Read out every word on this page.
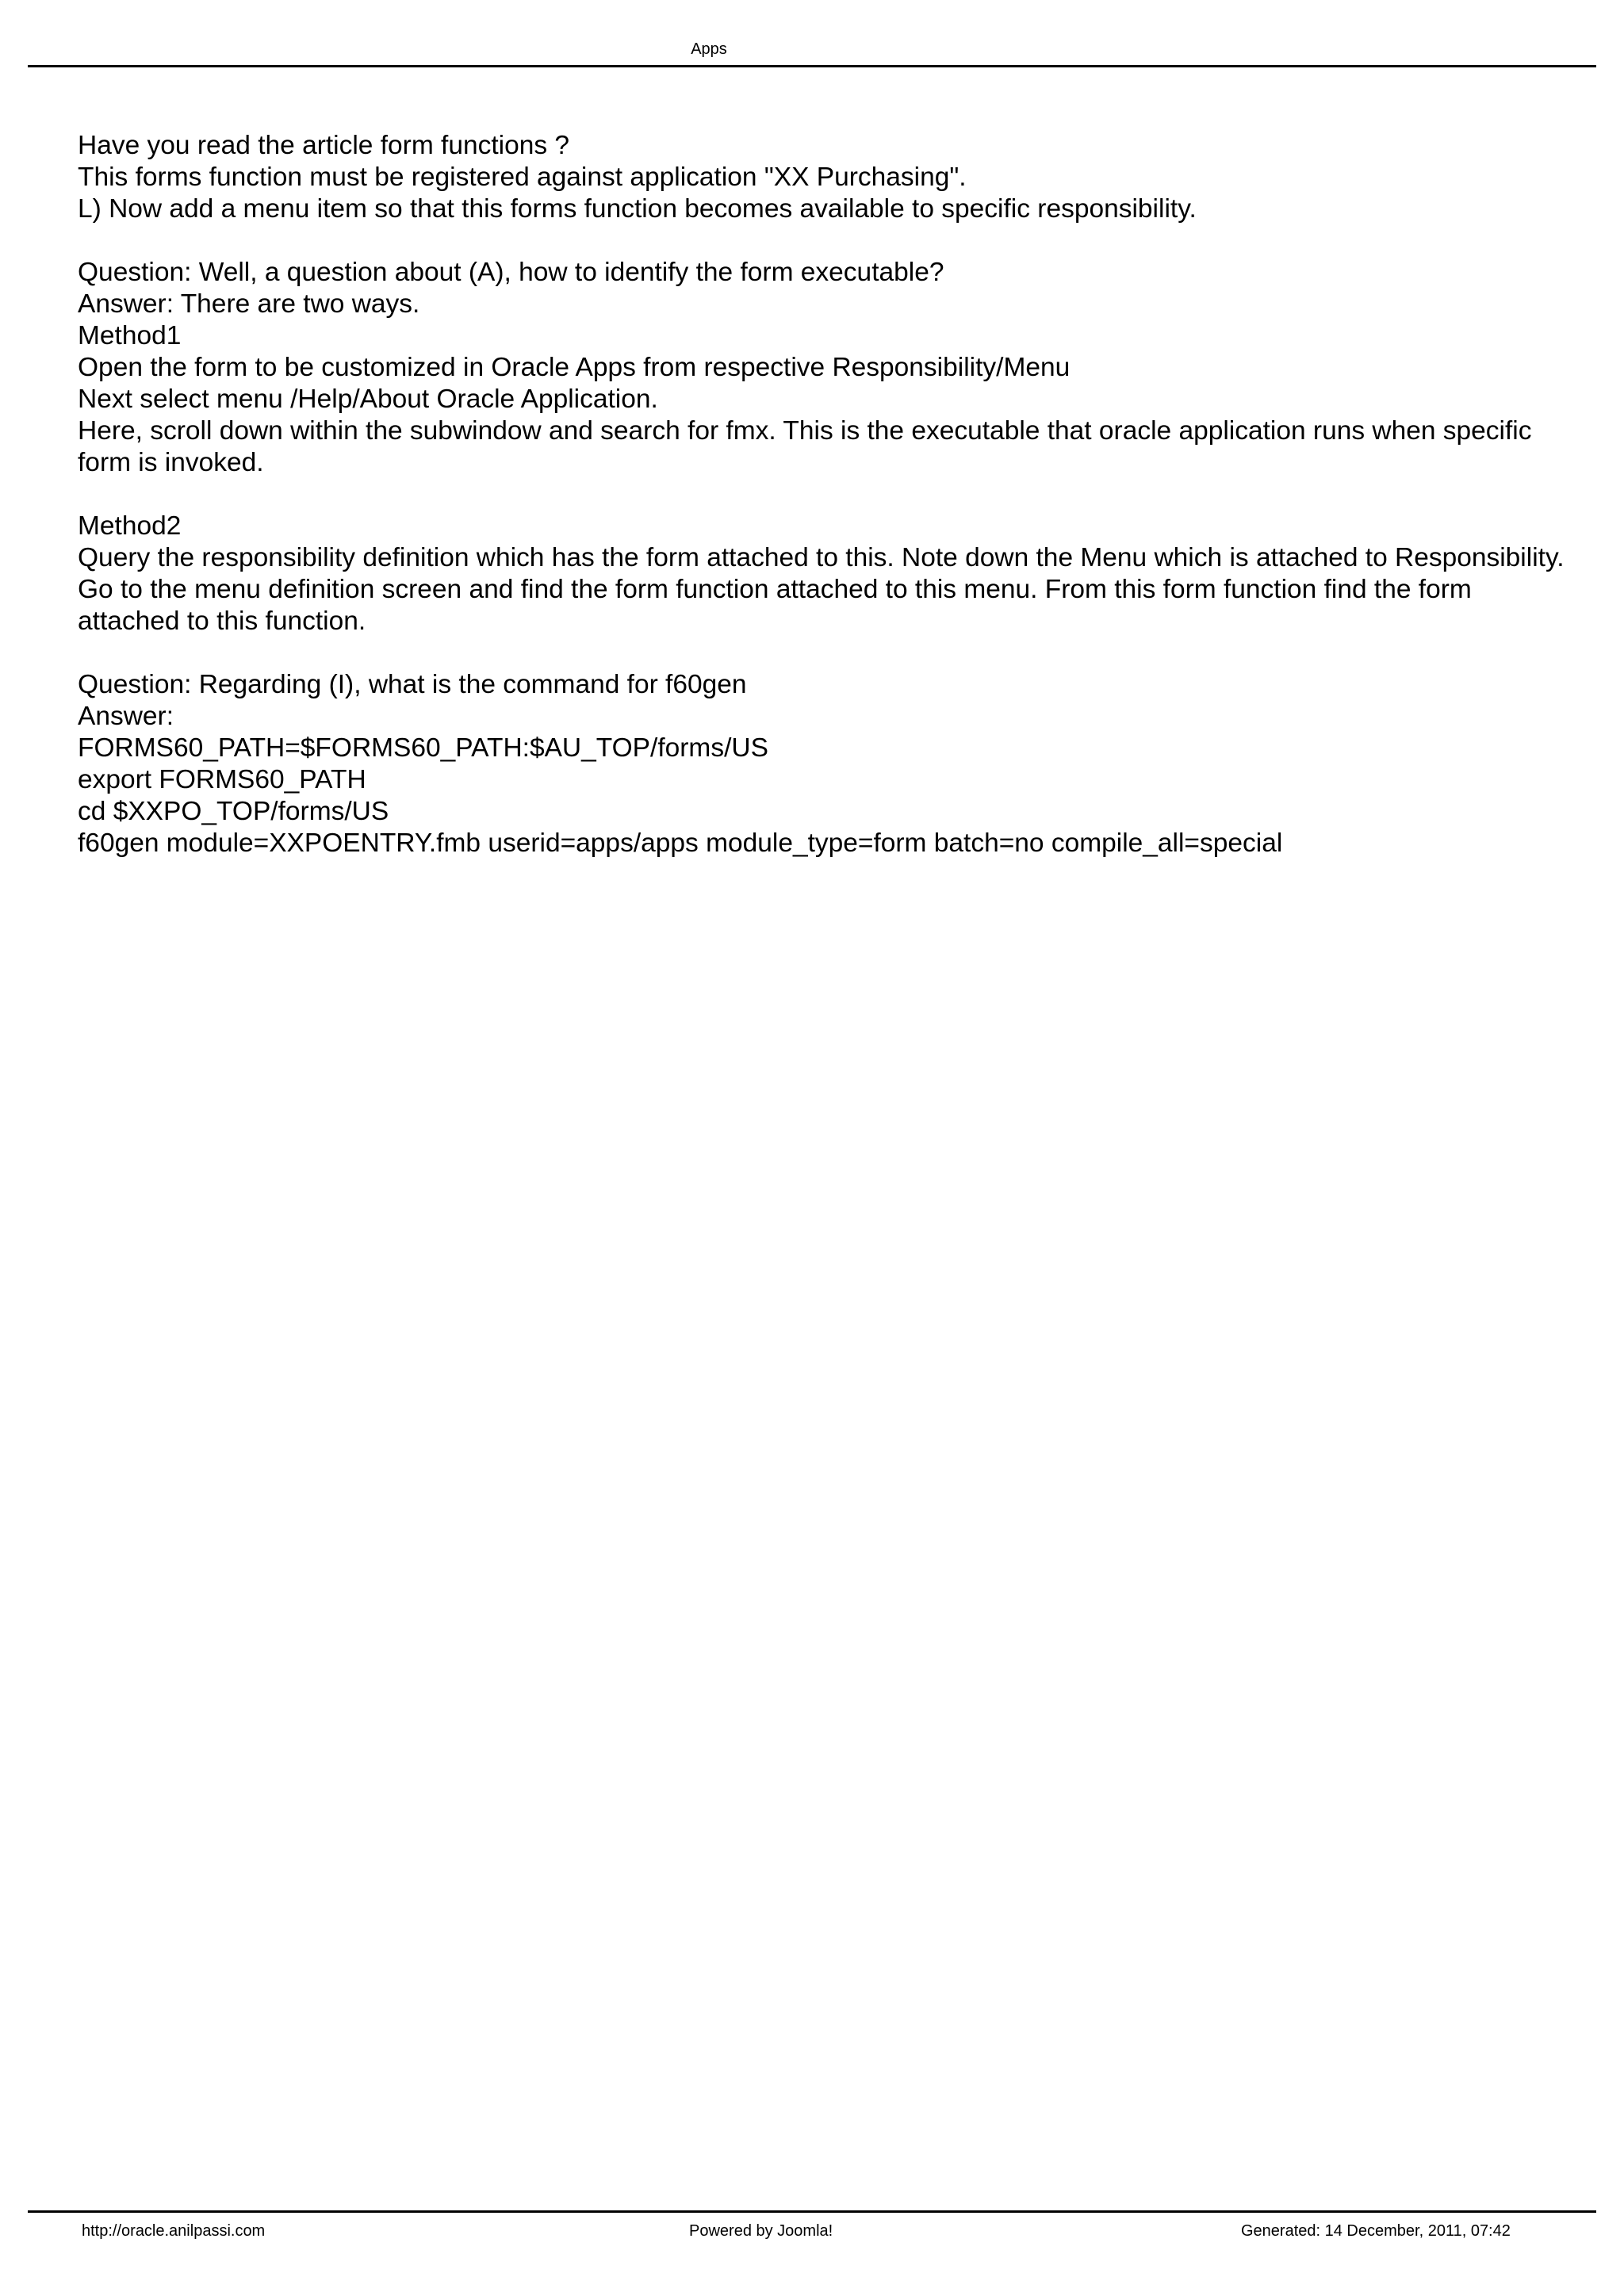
Apps
Have you read the article form functions ?
This forms function must be registered against application "XX Purchasing".
L) Now add a menu item so that this forms function becomes available to specific responsibility.
Question: Well, a question about (A), how to identify the form executable?
Answer: There are two ways.
Method1
Open the form to be customized in Oracle Apps from respective Responsibility/Menu
Next select menu /Help/About Oracle Application.
Here, scroll down within the subwindow and search for fmx. This is the executable that oracle application runs when specific form is invoked.
Method2
Query the responsibility definition which has the form attached to this. Note down the Menu which is attached to Responsibility. Go to the menu definition screen and find the form function attached to this menu. From this form function find the form attached to this function.
Question: Regarding (I), what is the command for f60gen
Answer:
FORMS60_PATH=$FORMS60_PATH:$AU_TOP/forms/US
export FORMS60_PATH
cd $XXPO_TOP/forms/US
f60gen module=XXPOENTRY.fmb userid=apps/apps module_type=form batch=no compile_all=special
http://oracle.anilpassi.com	Powered by Joomla!	Generated: 14 December, 2011, 07:42
